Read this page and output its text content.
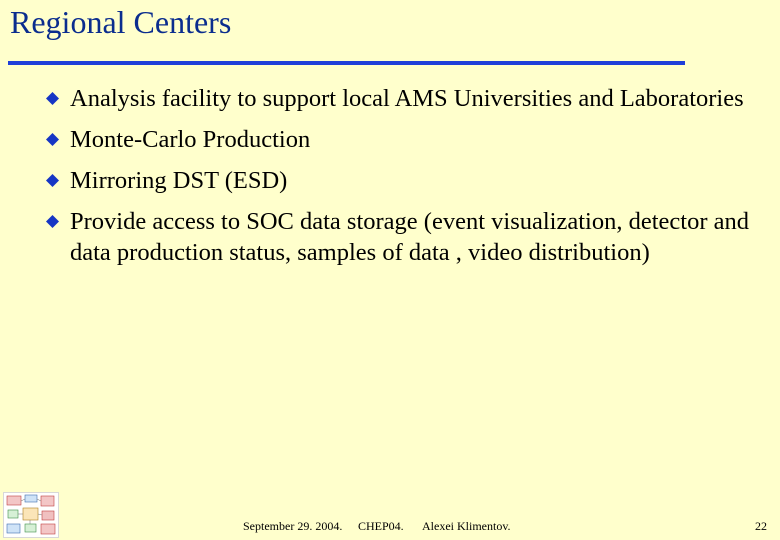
Regional Centers
Analysis facility to support local AMS Universities and Laboratories
Monte-Carlo Production
Mirroring DST (ESD)
Provide access to SOC data storage (event visualization, detector and data production status, samples of data , video distribution)
September 29. 2004. CHEP04. Alexei Klimentov.	22
